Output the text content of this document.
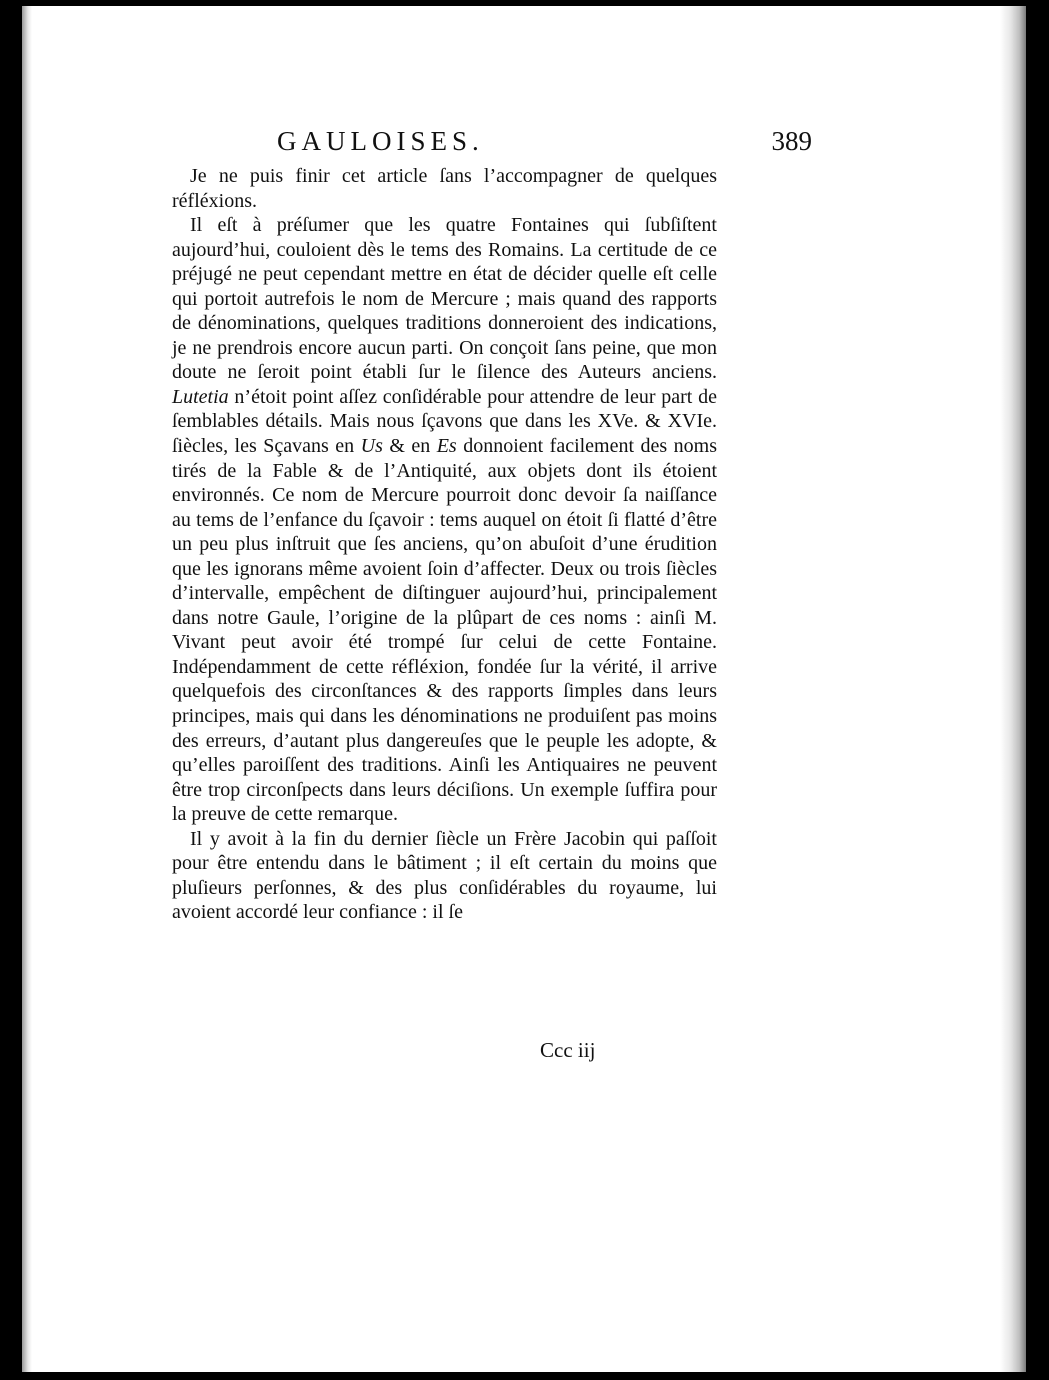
GAULOISES.	389

Je ne puis finir cet article ſans l’accompagner de quelques réfléxions.

Il eſt à préſumer que les quatre Fontaines qui ſubſiſtent aujourd’hui, couloient dès le tems des Romains. La certitude de ce préjugé ne peut cependant mettre en état de décider quelle eſt celle qui portoit autrefois le nom de Mercure ; mais quand des rapports de dénominations, quelques traditions donneroient des indications, je ne prendrois encore aucun parti. On conçoit ſans peine, que mon doute ne ſeroit point établi ſur le ſilence des Auteurs anciens. Lutetia n’étoit point aſſez conſidérable pour attendre de leur part de ſemblables détails. Mais nous ſçavons que dans les XVe. & XVIe. ſiècles, les Sçavans en Us & en Es donnoient facilement des noms tirés de la Fable & de l’Antiquité, aux objets dont ils étoient environnés. Ce nom de Mercure pourroit donc devoir ſa naiſſance au tems de l’enfance du ſçavoir : tems auquel on étoit ſi flatté d’être un peu plus inſtruit que ſes anciens, qu’on abuſoit d’une érudition que les ignorans même avoient ſoin d’affecter. Deux ou trois ſiècles d’intervalle, empêchent de diſtinguer aujourd’hui, principalement dans notre Gaule, l’origine de la plûpart de ces noms : ainſi M. Vivant peut avoir été trompé ſur celui de cette Fontaine. Indépendamment de cette réfléxion, fondée ſur la vérité, il arrive quelquefois des circonſtances & des rapports ſimples dans leurs principes, mais qui dans les dénominations ne produiſent pas moins des erreurs, d’autant plus dangereuſes que le peuple les adopte, & qu’elles paroiſſent des traditions. Ainſi les Antiquaires ne peuvent être trop circonſpects dans leurs déciſions. Un exemple ſuffira pour la preuve de cette remarque.

Il y avoit à la fin du dernier ſiècle un Frère Jacobin qui paſſoit pour être entendu dans le bâtiment ; il eſt certain du moins que pluſieurs perſonnes, & des plus conſidérables du royaume, lui avoient accordé leur confiance : il ſe

Ccc iij
